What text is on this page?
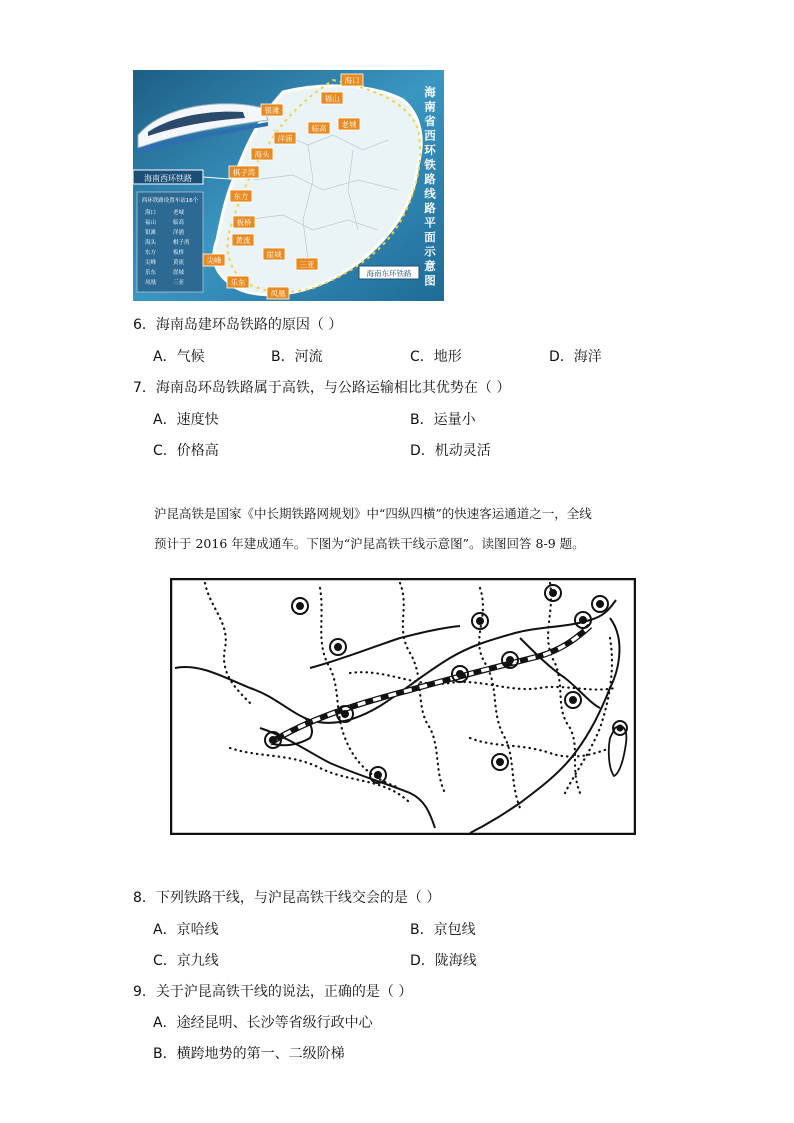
海南西环铁路
海南东环铁路
西环铁路设置车站16个
海口	老城
福山	临高
银滩	洋浦
海头	棋子湾
东方	板桥
尖峰	黄流
乐东	崖城
凤凰	三亚
海口
福山
临高 老城
银滩
洋浦
海头
棋子湾
东方
板桥
黄流
尖峰
乐东
崖城
三亚
凤凰
海
南
省
西
环
铁
路
线
路
平
面
示
意
图
6．海南岛建环岛铁路的原因（ ）
A．气候	B．河流	C．地形	D．海洋
7．海南岛环岛铁路属于高铁，与公路运输相比其优势在（ ）
A．速度快	B．运量小
C．价格高	D．机动灵活
沪昆高铁是国家《中长期铁路网规划》中“四纵四横”的快速客运通道之一，全线
预计于 2016 年建成通车。下图为“沪昆高铁干线示意图”。读图回答 8-9 题。
8．下列铁路干线，与沪昆高铁干线交会的是（ ）
A．京哈线	B．京包线
C．京九线	D．陇海线
9．关于沪昆高铁干线的说法，正确的是（ ）
A．途经昆明、长沙等省级行政中心
B．横跨地势的第一、二级阶梯
